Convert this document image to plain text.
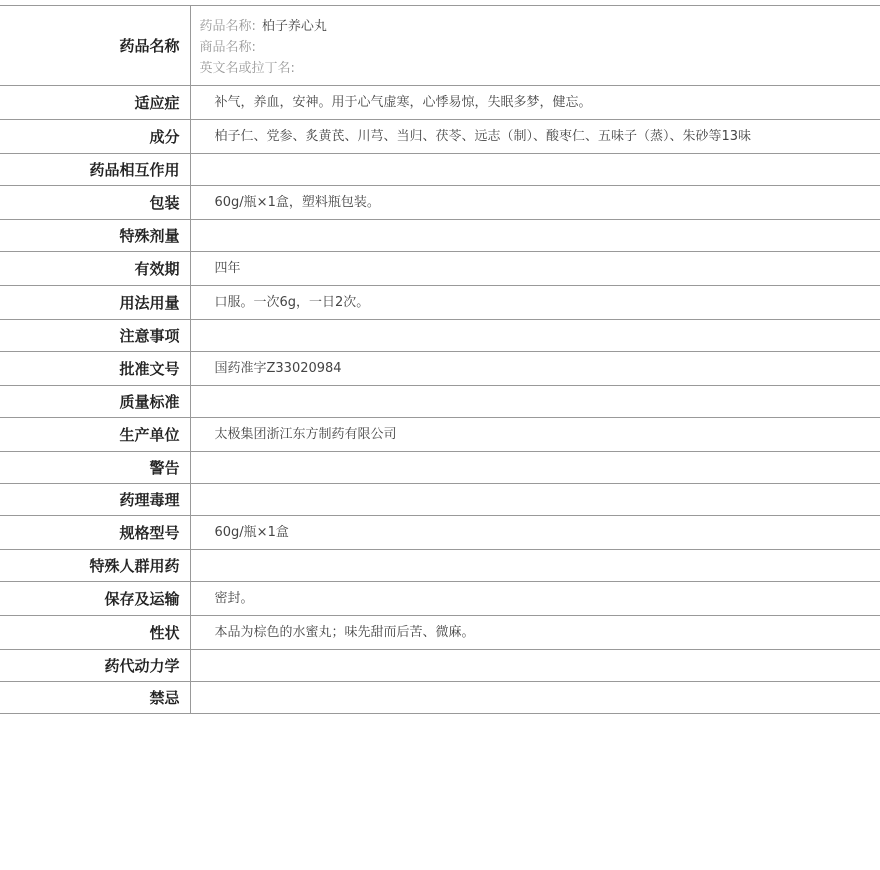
药品名称	药品名称: 柏子养心丸
商品名称:
英文名或拉丁名:

适应症	补气，养血，安神。用于心气虚寒，心悸易惊，失眠多梦，健忘。
成分	柏子仁、党参、炙黄芪、川芎、当归、茯苓、远志（制）、酸枣仁、五味子（蒸）、朱砂等13味
药品相互作用	
包装	60g/瓶×1盒，塑料瓶包装。
特殊剂量	
有效期	四年
用法用量	口服。一次6g，一日2次。
注意事项	
批准文号	国药准字Z33020984
质量标准	
生产单位	太极集团浙江东方制药有限公司
警告	
药理毒理	
规格型号	60g/瓶×1盒
特殊人群用药	
保存及运输	密封。
性状	本品为棕色的水蜜丸；味先甜而后苦、微麻。
药代动力学	
禁忌	
